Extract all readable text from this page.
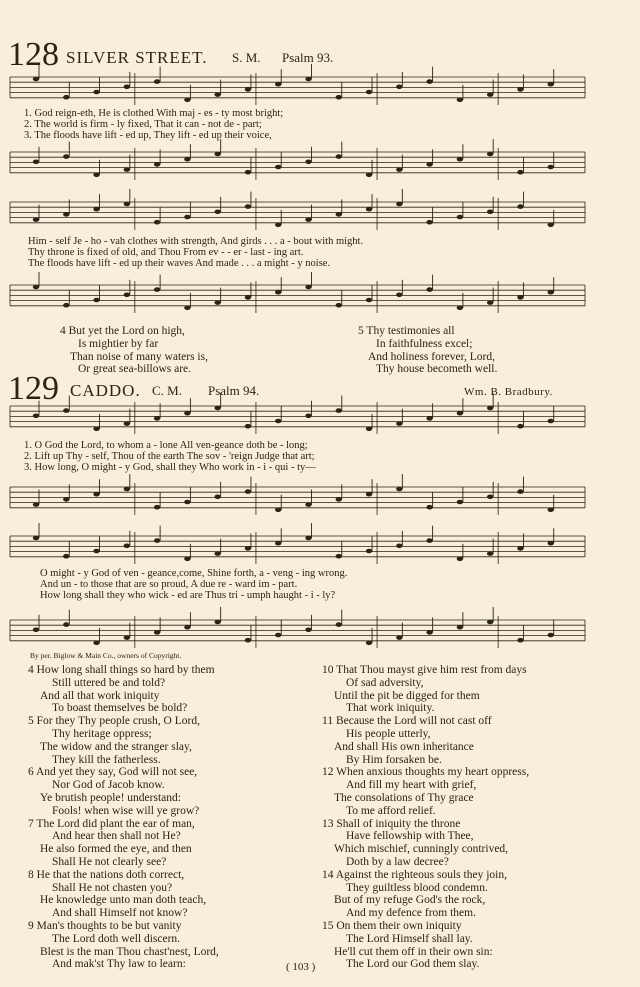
128 SILVER STREET. S. M. Psalm 93.
1. God reign-eth, He is clothed With maj - es - ty most bright;
2. The world is firm - ly fixed, That it can - not de - part;
3. The floods have lift - ed up, They lift - ed up their voice,
Him - self Je - ho - vah clothes with strength, And girds . . . a - bout with might.
Thy throne is fixed of old, and Thou From ev - - er - last - ing art.
The floods have lift - ed up their waves And made . . . a might - y noise.
4 But yet the Lord on high,
Is mightier by far
Than noise of many waters is,
Or great sea-billows are.
5 Thy testimonies all
In faithfulness excel;
And holiness forever, Lord,
Thy house becometh well.
129 CADDO. C. M. Psalm 94.	Wm. B. Bradbury.
1. O God the Lord, to whom a - lone All ven-geance doth be - long;
2. Lift up Thy - self, Thou of the earth The sov - 'reign Judge that art;
3. How long, O might - y God, shall they Who work in - i - qui - ty—
O might - y God of ven - geance,come, Shine forth, a - veng - ing wrong.
And un - to those that are so proud, A due re - ward im - part.
How long shall they who wick - ed are Thus tri - umph haught - i - ly?
By per. Biglow & Main Co., owners of Copyright.
4 How long shall things so hard by them
Still uttered be and told?
And all that work iniquity
To boast themselves be bold?
5 For they Thy people crush, O Lord,
Thy heritage oppress;
The widow and the stranger slay,
They kill the fatherless.
6 And yet they say, God will not see,
Nor God of Jacob know.
Ye brutish people! understand:
Fools! when wise will ye grow?
7 The Lord did plant the ear of man,
And hear then shall not He?
He also formed the eye, and then
Shall He not clearly see?
8 He that the nations doth correct,
Shall He not chasten you?
He knowledge unto man doth teach,
And shall Himself not know?
9 Man's thoughts to be but vanity
The Lord doth well discern.
Blest is the man Thou chast'nest, Lord,
And mak'st Thy law to learn:
10 That Thou mayst give him rest from days
Of sad adversity,
Until the pit be digged for them
That work iniquity.
11 Because the Lord will not cast off
His people utterly,
And shall His own inheritance
By Him forsaken be.
12 When anxious thoughts my heart oppress,
And fill my heart with grief,
The consolations of Thy grace
To me afford relief.
13 Shall of iniquity the throne
Have fellowship with Thee,
Which mischief, cunningly contrived,
Doth by a law decree?
14 Against the righteous souls they join,
They guiltless blood condemn.
But of my refuge God's the rock,
And my defence from them.
15 On them their own iniquity
The Lord Himself shall lay.
He'll cut them off in their own sin:
The Lord our God them slay.
( 103 )
